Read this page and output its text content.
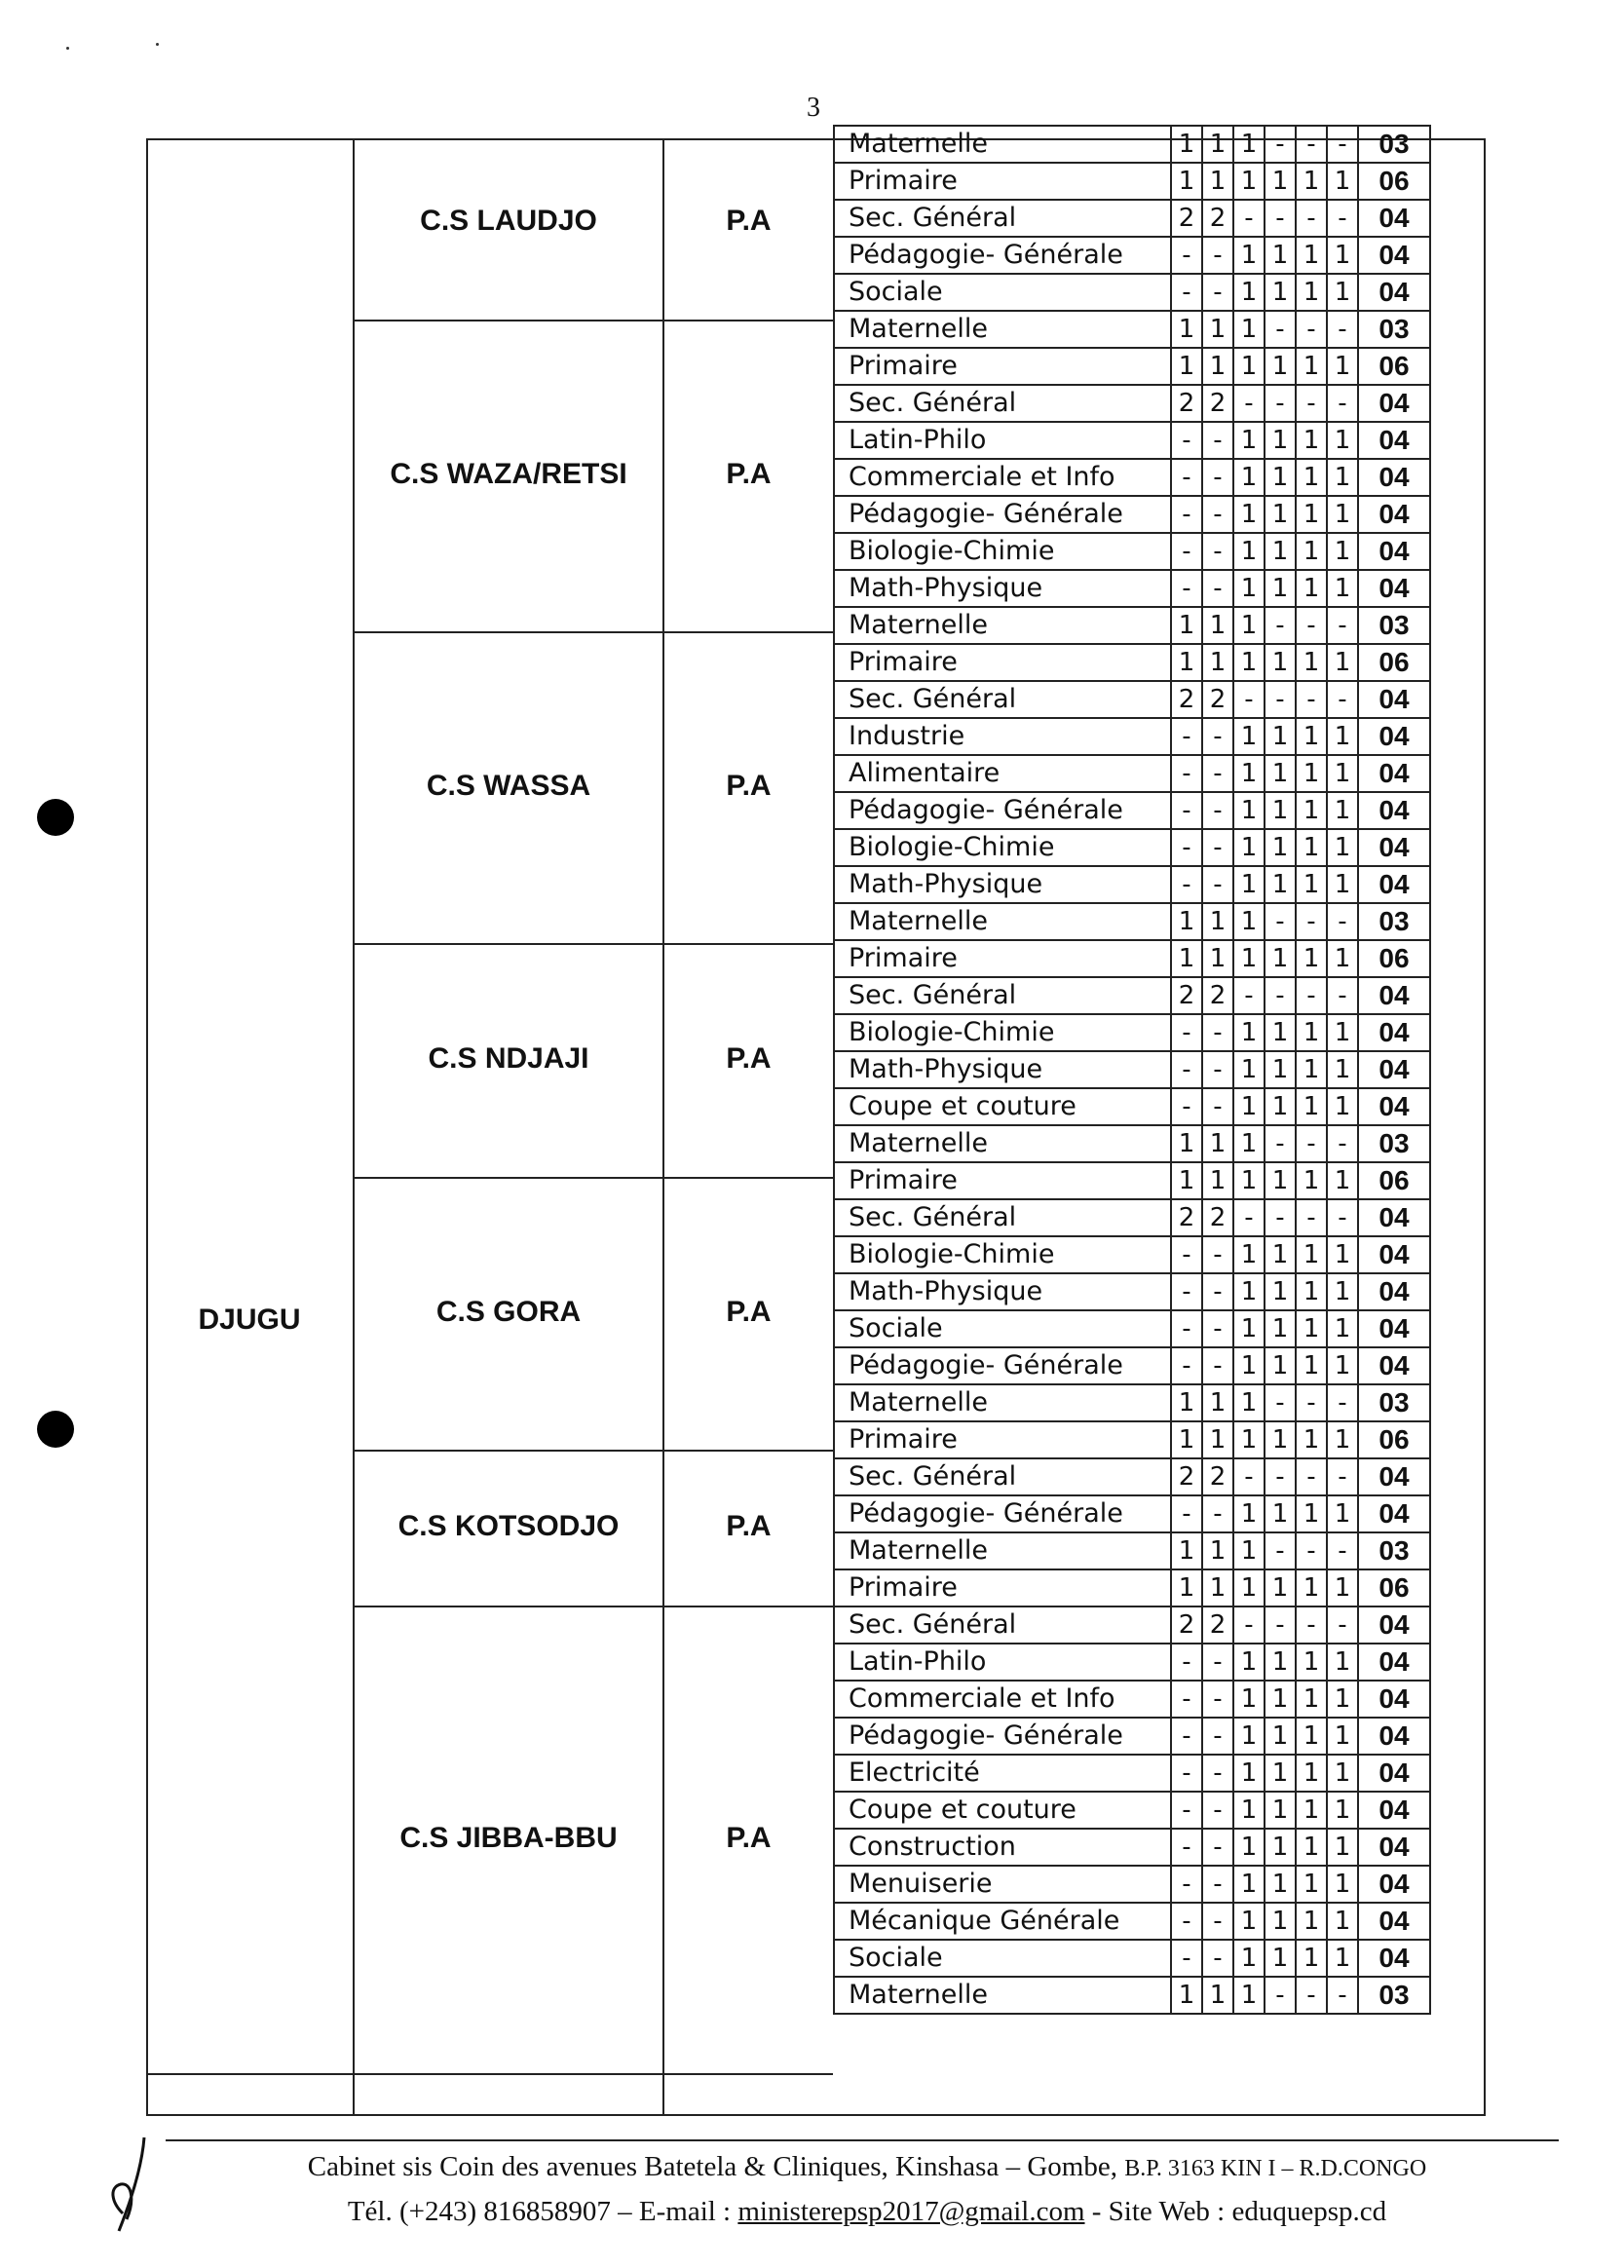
3
DJUGU
C.S LAUDJO	P.A
C.S WAZA/RETSI	P.A
C.S WASSA	P.A
C.S NDJAJI	P.A
C.S GORA	P.A
C.S KOTSODJO	P.A
C.S JIBBA-BBU	P.A
Maternelle	1	1	1	-	-	-	03
Primaire	1	1	1	1	1	1	06
Sec. Général	2	2	-	-	-	-	04
Pédagogie- Générale	-	-	1	1	1	1	04
Sociale	-	-	1	1	1	1	04
Maternelle	1	1	1	-	-	-	03
Primaire	1	1	1	1	1	1	06
Sec. Général	2	2	-	-	-	-	04
Latin-Philo	-	-	1	1	1	1	04
Commerciale et Info	-	-	1	1	1	1	04
Pédagogie- Générale	-	-	1	1	1	1	04
Biologie-Chimie	-	-	1	1	1	1	04
Math-Physique	-	-	1	1	1	1	04
Maternelle	1	1	1	-	-	-	03
Primaire	1	1	1	1	1	1	06
Sec. Général	2	2	-	-	-	-	04
Industrie	-	-	1	1	1	1	04
Alimentaire	-	-	1	1	1	1	04
Pédagogie- Générale	-	-	1	1	1	1	04
Biologie-Chimie	-	-	1	1	1	1	04
Math-Physique	-	-	1	1	1	1	04
Maternelle	1	1	1	-	-	-	03
Primaire	1	1	1	1	1	1	06
Sec. Général	2	2	-	-	-	-	04
Biologie-Chimie	-	-	1	1	1	1	04
Math-Physique	-	-	1	1	1	1	04
Coupe et couture	-	-	1	1	1	1	04
Maternelle	1	1	1	-	-	-	03
Primaire	1	1	1	1	1	1	06
Sec. Général	2	2	-	-	-	-	04
Biologie-Chimie	-	-	1	1	1	1	04
Math-Physique	-	-	1	1	1	1	04
Sociale	-	-	1	1	1	1	04
Pédagogie- Générale	-	-	1	1	1	1	04
Maternelle	1	1	1	-	-	-	03
Primaire	1	1	1	1	1	1	06
Sec. Général	2	2	-	-	-	-	04
Pédagogie- Générale	-	-	1	1	1	1	04
Maternelle	1	1	1	-	-	-	03
Primaire	1	1	1	1	1	1	06
Sec. Général	2	2	-	-	-	-	04
Latin-Philo	-	-	1	1	1	1	04
Commerciale et Info	-	-	1	1	1	1	04
Pédagogie- Générale	-	-	1	1	1	1	04
Electricité	-	-	1	1	1	1	04
Coupe et couture	-	-	1	1	1	1	04
Construction	-	-	1	1	1	1	04
Menuiserie	-	-	1	1	1	1	04
Mécanique Générale	-	-	1	1	1	1	04
Sociale	-	-	1	1	1	1	04
Maternelle	1	1	1	-	-	-	03
Cabinet sis Coin des avenues Batetela & Cliniques, Kinshasa – Gombe, B.P. 3163 KIN I – R.D.CONGO
Tél. (+243) 816858907 – E-mail : ministerepsp2017@gmail.com - Site Web : eduquepsp.cd
